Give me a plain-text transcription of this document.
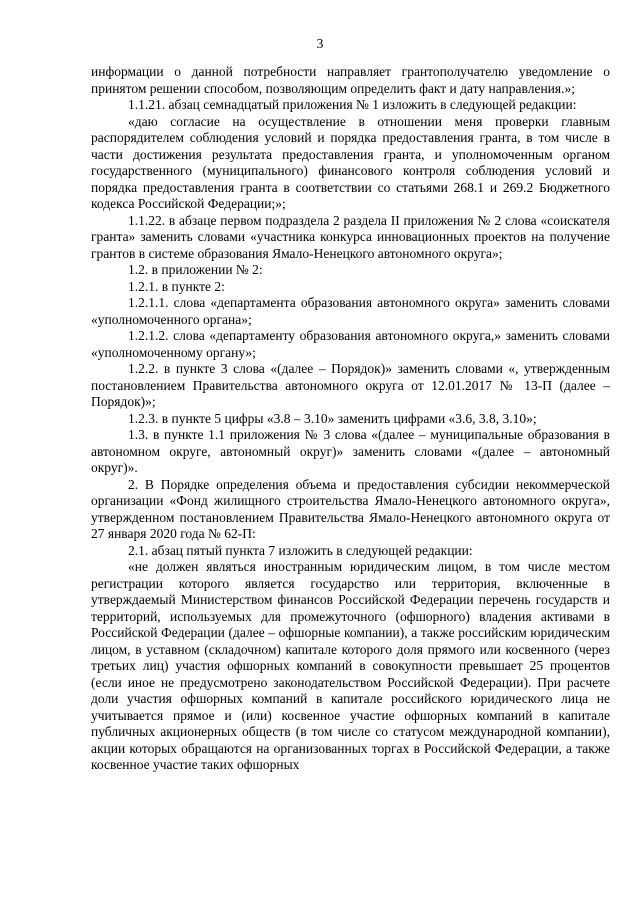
3

информации о данной потребности направляет грантополучателю уведомление о принятом решении способом, позволяющим определить факт и дату направления.»;

1.1.21. абзац семнадцатый приложения № 1 изложить в следующей редакции:

«даю согласие на осуществление в отношении меня проверки главным распорядителем соблюдения условий и порядка предоставления гранта, в том числе в части достижения результата предоставления гранта, и уполномоченным органом государственного (муниципального) финансового контроля соблюдения условий и порядка предоставления гранта в соответствии со статьями 268.1 и 269.2 Бюджетного кодекса Российской Федерации;»;

1.1.22. в абзаце первом подраздела 2 раздела II приложения № 2 слова «соискателя гранта» заменить словами «участника конкурса инновационных проектов на получение грантов в системе образования Ямало-Ненецкого автономного округа»;

1.2. в приложении № 2:

1.2.1. в пункте 2:

1.2.1.1. слова «департамента образования автономного округа» заменить словами «уполномоченного органа»;

1.2.1.2. слова «департаменту образования автономного округа,» заменить словами «уполномоченному органу»;

1.2.2. в пункте 3 слова «(далее – Порядок)» заменить словами «, утвержденным постановлением Правительства автономного округа от 12.01.2017 № 13-П (далее – Порядок)»;

1.2.3. в пункте 5 цифры «3.8 – 3.10» заменить цифрами «3.6, 3.8, 3.10»;

1.3. в пункте 1.1 приложения № 3 слова «(далее – муниципальные образования в автономном округе, автономный округ)» заменить словами «(далее – автономный округ)».

2. В Порядке определения объема и предоставления субсидии некоммерческой организации «Фонд жилищного строительства Ямало-Ненецкого автономного округа», утвержденном постановлением Правительства Ямало-Ненецкого автономного округа от 27 января 2020 года № 62-П:

2.1. абзац пятый пункта 7 изложить в следующей редакции:

«не должен являться иностранным юридическим лицом, в том числе местом регистрации которого является государство или территория, включенные в утверждаемый Министерством финансов Российской Федерации перечень государств и территорий, используемых для промежуточного (офшорного) владения активами в Российской Федерации (далее – офшорные компании), а также российским юридическим лицом, в уставном (складочном) капитале которого доля прямого или косвенного (через третьих лиц) участия офшорных компаний в совокупности превышает 25 процентов (если иное не предусмотрено законодательством Российской Федерации). При расчете доли участия офшорных компаний в капитале российского юридического лица не учитывается прямое и (или) косвенное участие офшорных компаний в капитале публичных акционерных обществ (в том числе со статусом международной компании), акции которых обращаются на организованных торгах в Российской Федерации, а также косвенное участие таких офшорных
